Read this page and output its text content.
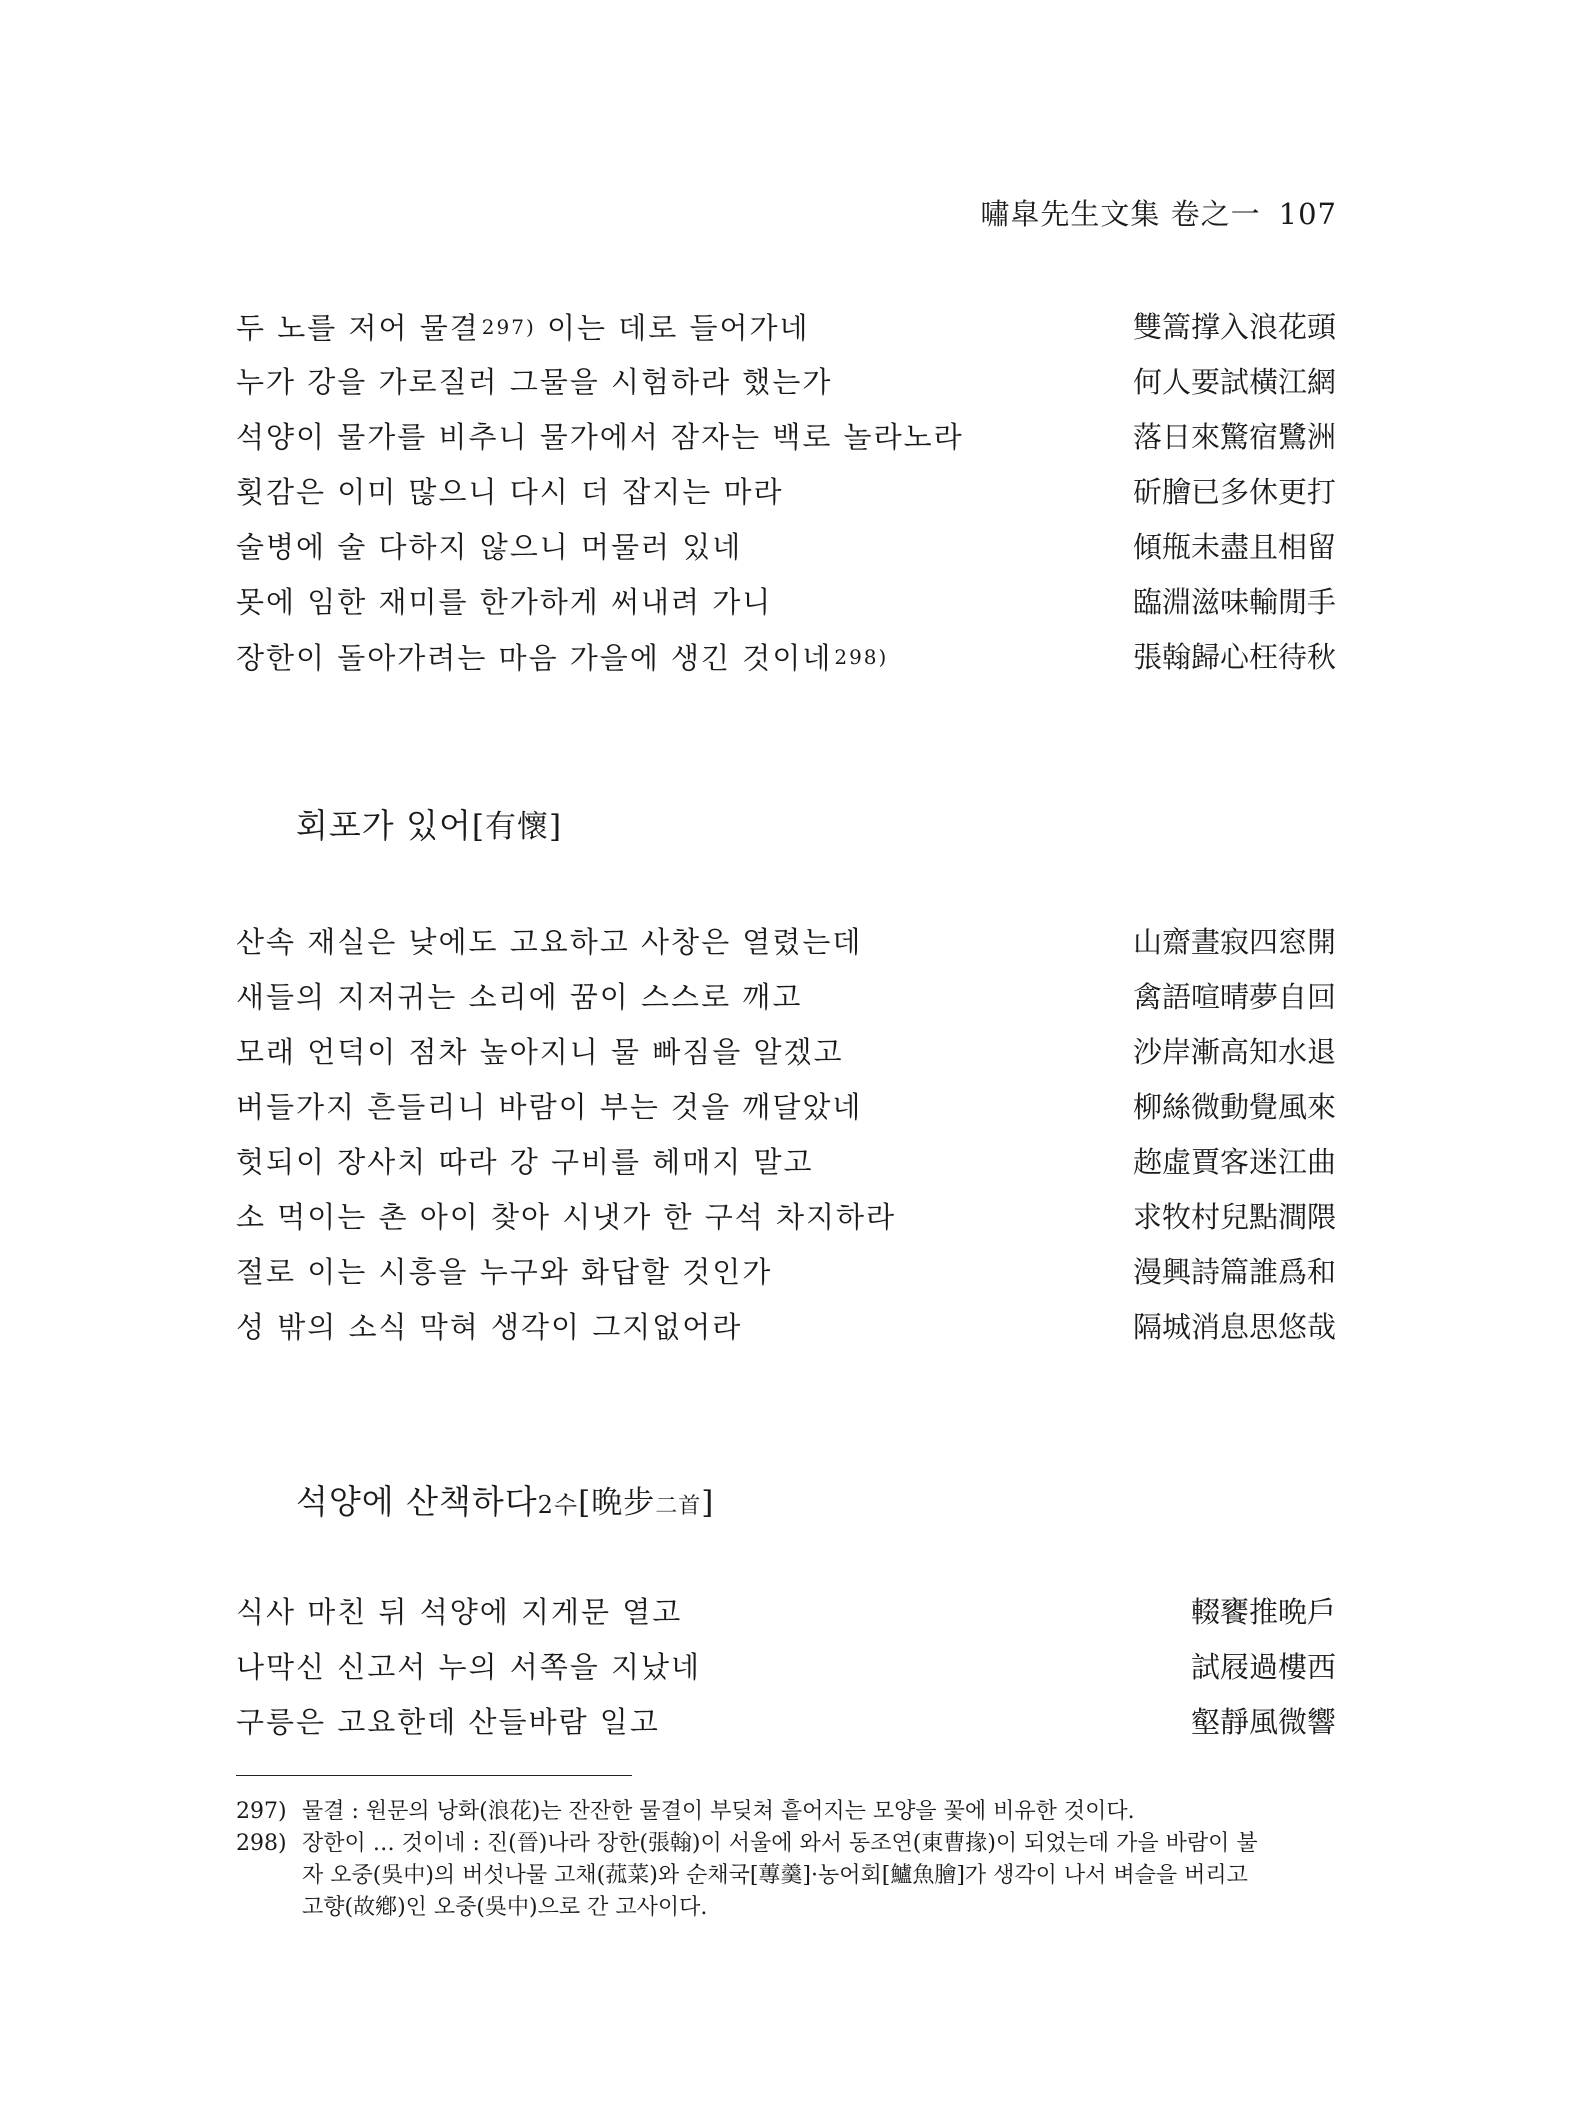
嘯皐先生文集 卷之一 107
두 노를 저어 물결 297) 이는 데로 들어가네	雙篙撑入浪花頭
누가 강을 가로질러 그물을 시험하라 했는가	何人要試橫江網
석양이 물가를 비추니 물가에서 잠자는 백로 놀라노라	落日來驚宿鷺洲
횟감은 이미 많으니 다시 더 잡지는 마라	斫膾已多休更打
술병에 술 다하지 않으니 머물러 있네	傾甁未盡且相留
못에 임한 재미를 한가하게 써내려 가니	臨淵滋味輸閒手
장한이 돌아가려는 마음 가을에 생긴 것이네 298)	張翰歸心枉待秋
회포가 있어[有懷]
산속 재실은 낮에도 고요하고 사창은 열렸는데	山齋晝寂四窓開
새들의 지저귀는 소리에 꿈이 스스로 깨고	禽語喧晴夢自回
모래 언덕이 점차 높아지니 물 빠짐을 알겠고	沙岸漸高知水退
버들가지 흔들리니 바람이 부는 것을 깨달았네	柳絲微動覺風來
헛되이 장사치 따라 강 구비를 헤매지 말고	趂虛賈客迷江曲
소 먹이는 촌 아이 찾아 시냇가 한 구석 차지하라	求牧村兒點澗隈
절로 이는 시흥을 누구와 화답할 것인가	漫興詩篇誰爲和
성 밖의 소식 막혀 생각이 그지없어라	隔城消息思悠哉
석양에 산책하다2수[晩步二首]
식사 마친 뒤 석양에 지게문 열고	輟饔推晩戶
나막신 신고서 누의 서쪽을 지났네	試屐過樓西
구릉은 고요한데 산들바람 일고	壑靜風微響
297) 물결 : 원문의 낭화(浪花)는 잔잔한 물결이 부딪쳐 흩어지는 모양을 꽃에 비유한 것이다.
298) 장한이 … 것이네 : 진(晉)나라 장한(張翰)이 서울에 와서 동조연(東曹掾)이 되었는데 가을 바람이 불
자 오중(吳中)의 버섯나물 고채(菰菜)와 순채국[蓴羹]·농어회[鱸魚膾]가 생각이 나서 벼슬을 버리고
고향(故鄕)인 오중(吳中)으로 간 고사이다.
